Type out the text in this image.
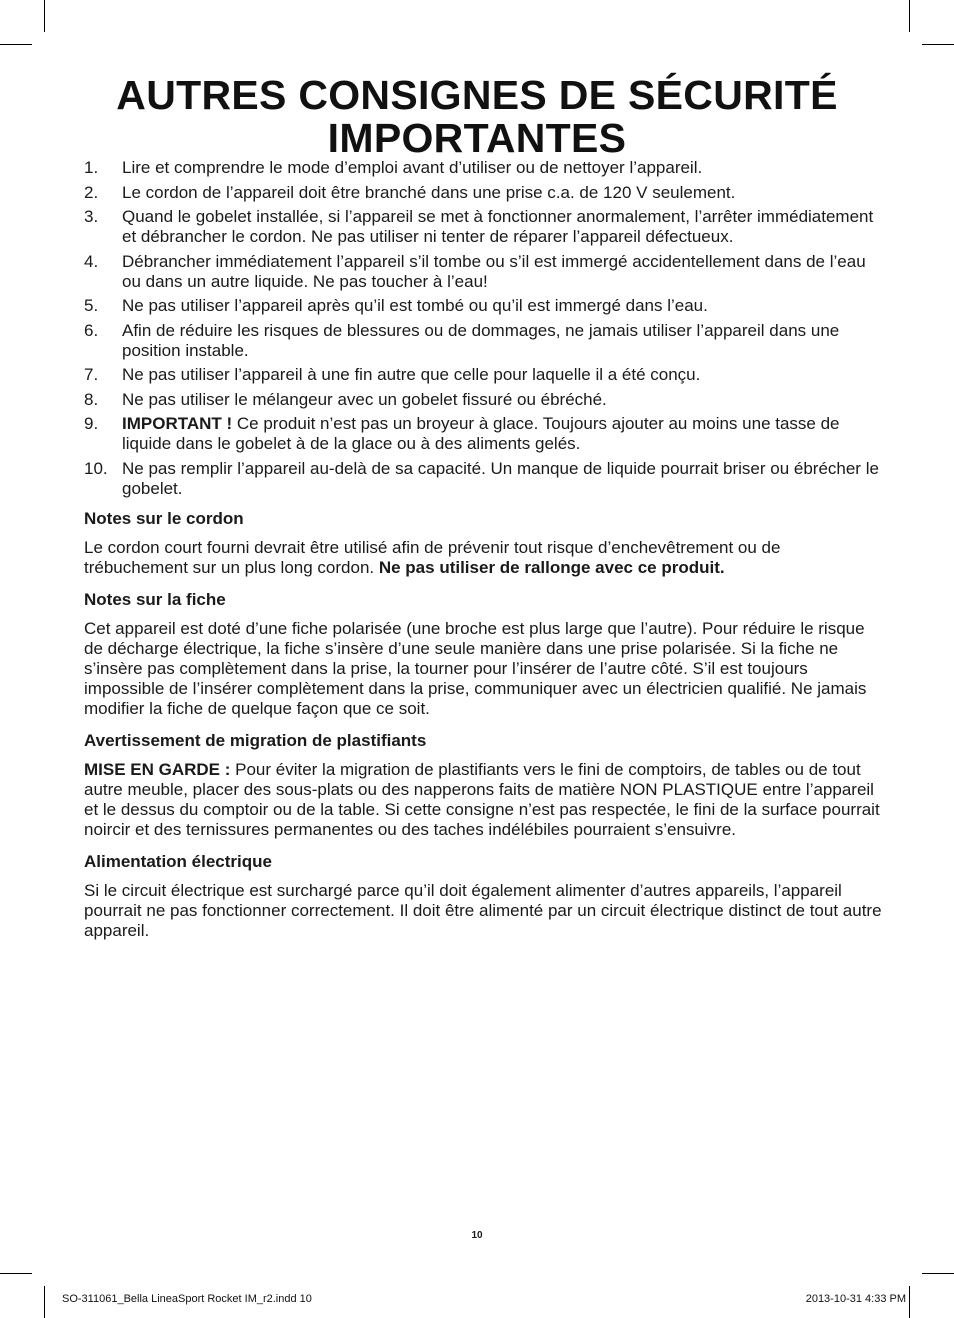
AUTRES CONSIGNES DE SÉCURITÉ
IMPORTANTES
1.	Lire et comprendre le mode d’emploi avant d’utiliser ou de nettoyer l’appareil.
2.	Le cordon de l’appareil doit être branché dans une prise c.a. de 120 V seulement.
3.	Quand le gobelet installée, si l’appareil se met à fonctionner anormalement, l’arrêter immédiatement et débrancher le cordon. Ne pas utiliser ni tenter de réparer l’appareil défectueux.
4.	Débrancher immédiatement l’appareil s’il tombe ou s’il est immergé accidentellement dans de l’eau ou dans un autre liquide. Ne pas toucher à l’eau!
5.	Ne pas utiliser l’appareil après qu’il est tombé ou qu’il est immergé dans l’eau.
6.	Afin de réduire les risques de blessures ou de dommages, ne jamais utiliser l’appareil dans une position instable.
7.	Ne pas utiliser l’appareil à une fin autre que celle pour laquelle il a été conçu.
8.	Ne pas utiliser le mélangeur avec un gobelet fissuré ou ébréché.
9.	IMPORTANT ! Ce produit n’est pas un broyeur à glace. Toujours ajouter au moins une tasse de liquide dans le gobelet à de la glace ou à des aliments gelés.
10. Ne pas remplir l’appareil au-delà de sa capacité. Un manque de liquide pourrait briser ou ébrécher le gobelet.

Notes sur le cordon

Le cordon court fourni devrait être utilisé afin de prévenir tout risque d’enchevêtrement ou de trébuchement sur un plus long cordon. Ne pas utiliser de rallonge avec ce produit.

Notes sur la fiche

Cet appareil est doté d’une fiche polarisée (une broche est plus large que l’autre). Pour réduire le risque de décharge électrique, la fiche s’insère d’une seule manière dans une prise polarisée. Si la fiche ne s’insère pas complètement dans la prise, la tourner pour l’insérer de l’autre côté. S’il est toujours impossible de l’insérer complètement dans la prise, communiquer avec un électricien qualifié. Ne jamais modifier la fiche de quelque façon que ce soit.

Avertissement de migration de plastifiants

MISE EN GARDE : Pour éviter la migration de plastifiants vers le fini de comptoirs, de tables ou de tout autre meuble, placer des sous-plats ou des napperons faits de matière NON PLASTIQUE entre l’appareil et le dessus du comptoir ou de la table. Si cette consigne n’est pas respectée, le fini de la surface pourrait noircir et des ternissures permanentes ou des taches indélébiles pourraient s’ensuivre.

Alimentation électrique

Si le circuit électrique est surchargé parce qu’il doit également alimenter d’autres appareils, l’appareil pourrait ne pas fonctionner correctement. Il doit être alimenté par un circuit électrique distinct de tout autre appareil.

10
SO-311061_Bella LineaSport Rocket IM_r2.indd 10	2013-10-31 4:33 PM
